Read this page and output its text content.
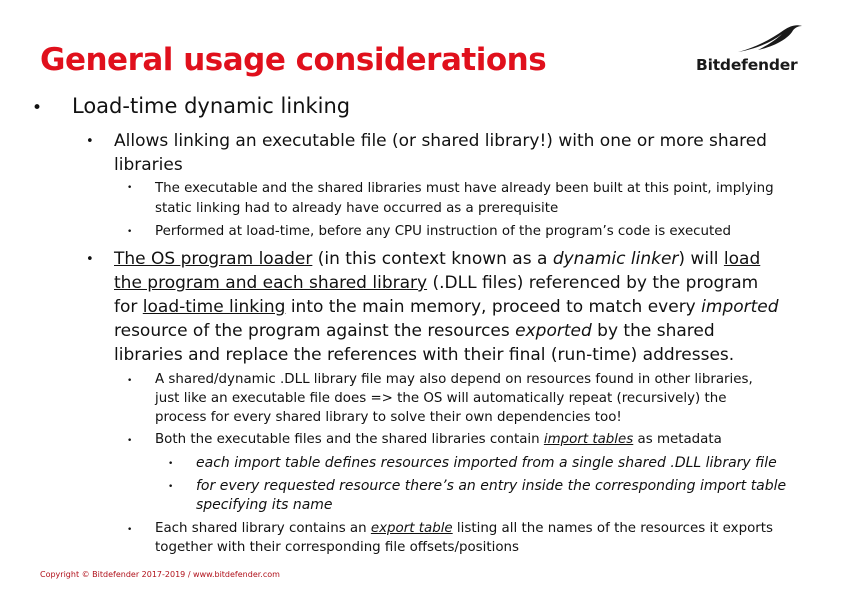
General usage considerations	Bitdefender
• Load-time dynamic linking
• Allows linking an executable file (or shared library!) with one or more shared
libraries
• The executable and the shared libraries must have already been built at this point, implying
static linking had to already have occurred as a prerequisite
• Performed at load-time, before any CPU instruction of the program’s code is executed
• The OS program loader (in this context known as a dynamic linker) will load
the program and each shared library (.DLL files) referenced by the program
for load-time linking into the main memory, proceed to match every imported
resource of the program against the resources exported by the shared
libraries and replace the references with their final (run-time) addresses.
• A shared/dynamic .DLL library file may also depend on resources found in other libraries,
just like an executable file does => the OS will automatically repeat (recursively) the
process for every shared library to solve their own dependencies too!
• Both the executable files and the shared libraries contain import tables as metadata
• each import table defines resources imported from a single shared .DLL library file
• for every requested resource there’s an entry inside the corresponding import table
specifying its name
• Each shared library contains an export table listing all the names of the resources it exports
together with their corresponding file offsets/positions
Copyright © Bitdefender 2017-2019 / www.bitdefender.com
